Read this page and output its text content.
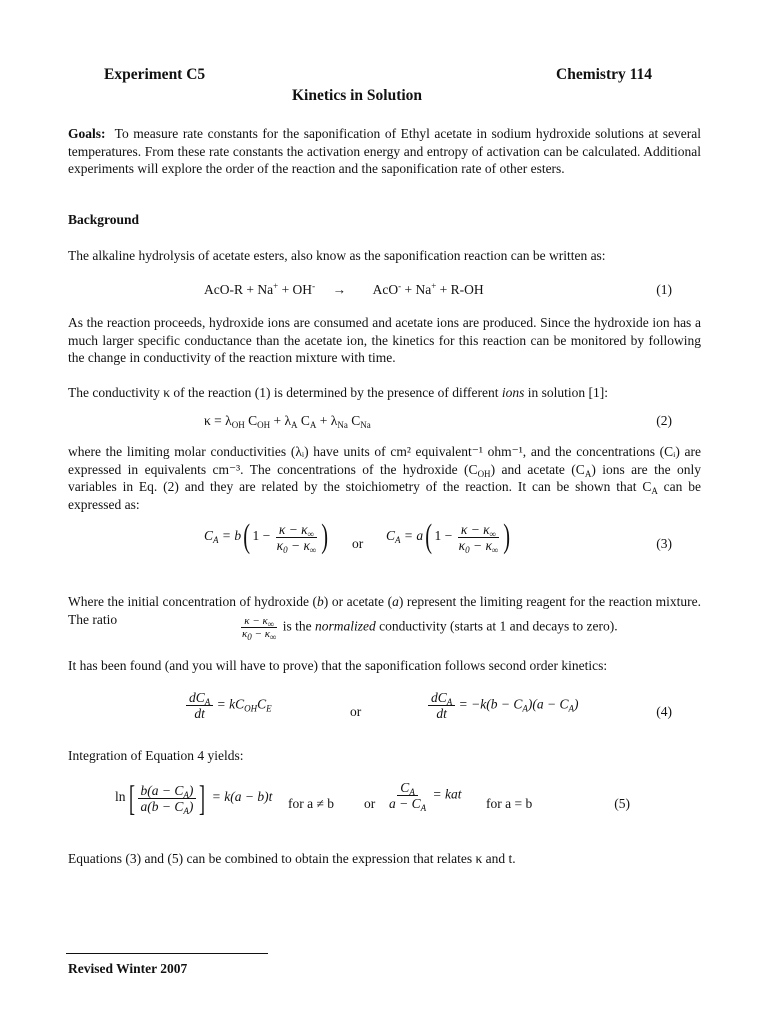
Experiment C5	Chemistry 114
Kinetics in Solution
Goals: To measure rate constants for the saponification of Ethyl acetate in sodium hydroxide solutions at several temperatures. From these rate constants the activation energy and entropy of activation can be calculated. Additional experiments will explore the order of the reaction and the saponification rate of other esters.
Background
The alkaline hydrolysis of acetate esters, also know as the saponification reaction can be written as:
AcO-R + Na+ + OH- → AcO- + Na+ + R-OH	(1)
As the reaction proceeds, hydroxide ions are consumed and acetate ions are produced. Since the hydroxide ion has a much larger specific conductance than the acetate ion, the kinetics for this reaction can be monitored by following the change in conductivity of the reaction mixture with time.
The conductivity κ of the reaction (1) is determined by the presence of different ions in solution [1]:
$\kappa = \lambda_{OH}$ $C_{OH} + \lambda_A$ $C_A + \lambda_{Na}$ $C_{Na}$	(2)
where the limiting molar conductivities (λᵢ) have units of cm² equivalent⁻¹ ohm⁻¹, and the concentrations (Cᵢ) are expressed in equivalents cm⁻³. The concentrations of the hydroxide $(C_{OH})$ and acetate $(C_A)$ ions are the only variables in Eq. (2) and they are related by the stoichiometry of the reaction. It can be shown that $C_A$ can be expressed as:
$C_A = b$( $1 - \frac{\kappa - \kappa_\infty}{\kappa_0 - \kappa_\infty}$ ) or
$C_A = a$( $1 - \frac{\kappa - \kappa_\infty}{\kappa_0 - \kappa_\infty}$ )	(3)
Where the initial concentration of hydroxide (b) or acetate (a) represent the limiting reagent for the reaction mixture. The ratio	$\frac{\kappa - \kappa_\infty}{\kappa_0 - \kappa_\infty}$ is the normalized conductivity (starts at 1 and decays to zero).
It has been found (and you will have to prove) that the saponification follows second order kinetics:
$\frac{dC_A}{dt} = kC_{OH}C_E$	or	$\frac{dC_A}{dt} = -k(b - C_A)(a - C_A)$	(4)
Integration of Equation 4 yields:
$\ln[ \frac{b(a - C_A)}{a(b - C_A)}$ ] = k(a − b)t for a ≠ b or $\frac{C_A}{a - C_A}$ = kat
for a = b	(5)
Equations (3) and (5) can be combined to obtain the expression that relates κ and t.
Revised Winter 2007
